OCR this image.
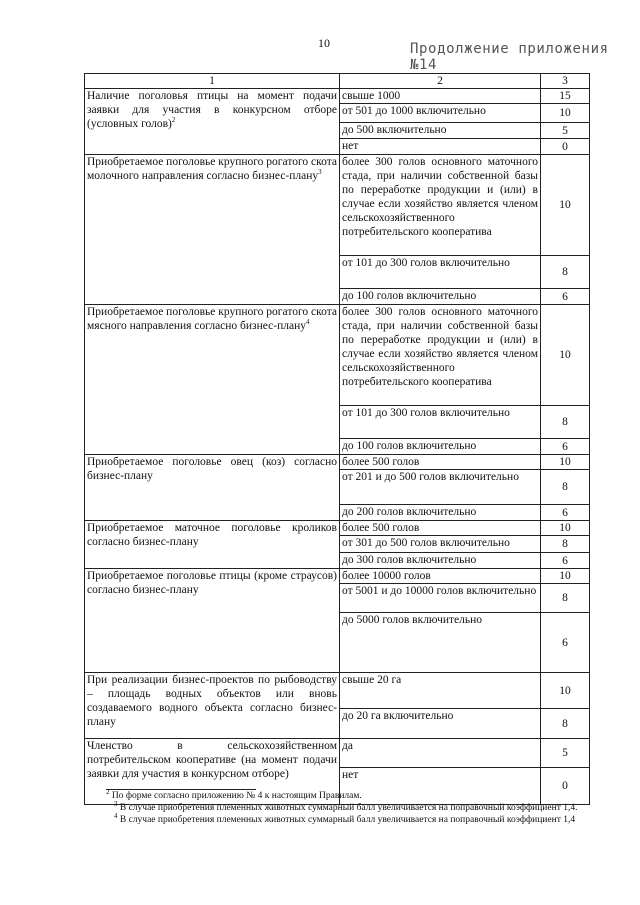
10	Продолжение приложения №14
1	2	3
Наличие поголовья птицы на момент подачи заявки для участия в конкурсном отборе (условных голов)$^2$	свыше 1000	15
	от 501 до 1000 включительно	10
	до 500 включительно	5
	нет	0
Приобретаемое поголовье крупного рогатого скота молочного направления согласно бизнес-плану$^3$	более 300 голов основного маточного стада, при наличии собственной базы по переработке продукции и (или) в случае если хозяйство является членом сельскохозяйственного потребительского кооператива	10
	от 101 до 300 голов включительно	8
	до 100 голов включительно	6
Приобретаемое поголовье крупного рогатого скота мясного направления согласно бизнес-плану$^4$	более 300 голов основного маточного стада, при наличии собственной базы по переработке продукции и (или) в случае если хозяйство является членом сельскохозяйственного потребительского кооператива	10
	от 101 до 300 голов включительно	8
	до 100 голов включительно	6
Приобретаемое поголовье овец (коз) согласно бизнес-плану	более 500 голов	10
	от 201 и до 500 голов включительно	8
	до 200 голов включительно	6
Приобретаемое маточное поголовье кроликов согласно бизнес-плану	более 500 голов	10
	от 301 до 500 голов включительно	8
	до 300 голов включительно	6
Приобретаемое поголовье птицы (кроме страусов) согласно бизнес-плану	более 10000 голов	10
	от 5001 и до 10000 голов включительно	8
	до 5000 голов включительно	6
При реализации бизнес-проектов по рыбоводству – площадь водных объектов или вновь создаваемого водного объекта согласно бизнес-плану	свыше 20 га	10
	до 20 га включительно	8
Членство в сельскохозяйственном потребительском кооперативе (на момент подачи заявки для участия в конкурсном отборе)	да	5
	нет	0

$^2$ По форме согласно приложению № 4 к настоящим Правилам.

$^3$ В случае приобретения племенных животных суммарный балл увеличивается на поправочный коэффициент 1,4.

$^4$ В случае приобретения племенных животных суммарный балл увеличивается на поправочный коэффициент 1,4
